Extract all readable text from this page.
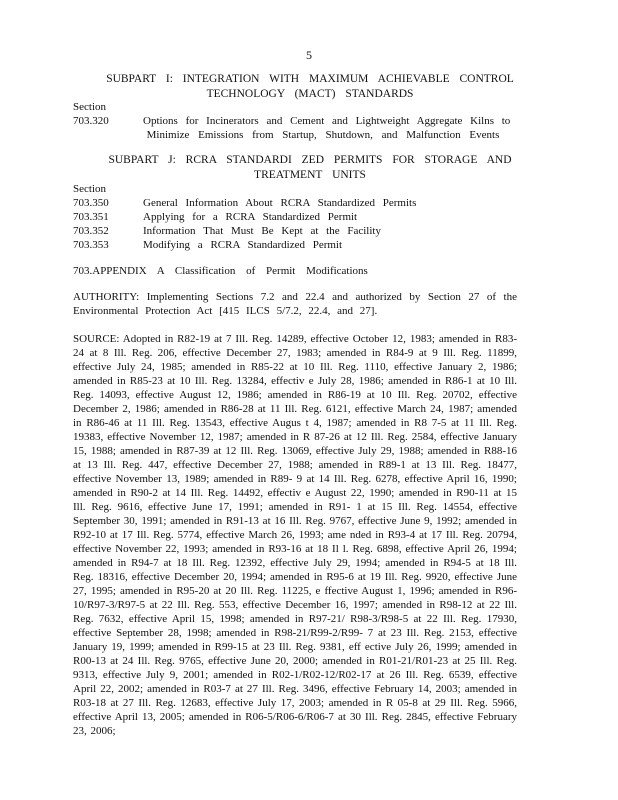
5
SUBPART I: INTEGRATION WITH MAXIMUM ACHIEVABLE CONTROL
TECHNOLOGY (MACT) STANDARDS
Section
703.320	Options for Incinerators and Cement and Lightweight Aggregate Kilns to
Minimize Emissions from Startup, Shutdown, and Malfunction Events
SUBPART J: RCRA STANDARDI ZED PERMITS FOR STORAGE AND
TREATMENT UNITS
Section
703.350	General Information About RCRA Standardized Permits
703.351	Applying for a RCRA Standardized Permit
703.352	Information That Must Be Kept at the Facility
703.353	Modifying a RCRA Standardized Permit
703.APPENDIX A Classification of Permit Modifications
AUTHORITY: Implementing Sections 7.2 and 22.4 and authorized by Section 27 of the Environmental Protection Act [415 ILCS 5/7.2, 22.4, and 27].
SOURCE: Adopted in R82-19 at 7 Ill. Reg. 14289, effective October 12, 1983; amended in R83-24 at 8 Ill. Reg. 206, effective December 27, 1983; amended in R84-9 at 9 Ill. Reg. 11899, effective July 24, 1985; amended in R85-22 at 10 Ill. Reg. 1110, effective January 2, 1986; amended in R85-23 at 10 Ill. Reg. 13284, effectiv e July 28, 1986; amended in R86-1 at 10 Ill. Reg. 14093, effective August 12, 1986; amended in R86-19 at 10 Ill. Reg. 20702, effective December 2, 1986; amended in R86-28 at 11 Ill. Reg. 6121, effective March 24, 1987; amended in R86-46 at 11 Ill. Reg. 13543, effective Augus t 4, 1987; amended in R8 7-5 at 11 Ill. Reg. 19383, effective November 12, 1987; amended in R 87-26 at 12 Ill. Reg. 2584, effective January 15, 1988; amended in R87-39 at 12 Ill. Reg. 13069, effective July 29, 1988; amended in R88-16 at 13 Ill. Reg. 447, effective December 27, 1988; amended in R89-1 at 13 Ill. Reg. 18477, effective November 13, 1989; amended in R89- 9 at 14 Ill. Reg. 6278, effective April 16, 1990; amended in R90-2 at 14 Ill. Reg. 14492, effectiv e August 22, 1990; amended in R90-11 at 15 Ill. Reg. 9616, effective June 17, 1991; amended in R91- 1 at 15 Ill. Reg. 14554, effective September 30, 1991; amended in R91-13 at 16 Ill. Reg. 9767, effective June 9, 1992; amended in R92-10 at 17 Ill. Reg. 5774, effective March 26, 1993; ame nded in R93-4 at 17 Ill. Reg. 20794, effective November 22, 1993; amended in R93-16 at 18 Il l. Reg. 6898, effective April 26, 1994; amended in R94-7 at 18 Ill. Reg. 12392, effective July 29, 1994; amended in R94-5 at 18 Ill. Reg. 18316, effective December 20, 1994; amended in R95-6 at 19 Ill. Reg. 9920, effective June 27, 1995; amended in R95-20 at 20 Ill. Reg. 11225, e ffective August 1, 1996; amended in R96-10/R97-3/R97-5 at 22 Ill. Reg. 553, effective December 16, 1997; amended in R98-12 at 22 Ill. Reg. 7632, effective April 15, 1998; amended in R97-21/ R98-3/R98-5 at 22 Ill. Reg. 17930, effective September 28, 1998; amended in R98-21/R99-2/R99- 7 at 23 Ill. Reg. 2153, effective January 19, 1999; amended in R99-15 at 23 Ill. Reg. 9381, eff ective July 26, 1999; amended in R00-13 at 24 Ill. Reg. 9765, effective June 20, 2000; amended in R01-21/R01-23 at 25 Ill. Reg. 9313, effective July 9, 2001; amended in R02-1/R02-12/R02-17 at 26 Ill. Reg. 6539, effective April 22, 2002; amended in R03-7 at 27 Ill. Reg. 3496, effective February 14, 2003; amended in R03-18 at 27 Ill. Reg. 12683, effective July 17, 2003; amended in R 05-8 at 29 Ill. Reg. 5966, effective April 13, 2005; amended in R06-5/R06-6/R06-7 at 30 Ill. Reg. 2845, effective February 23, 2006;
